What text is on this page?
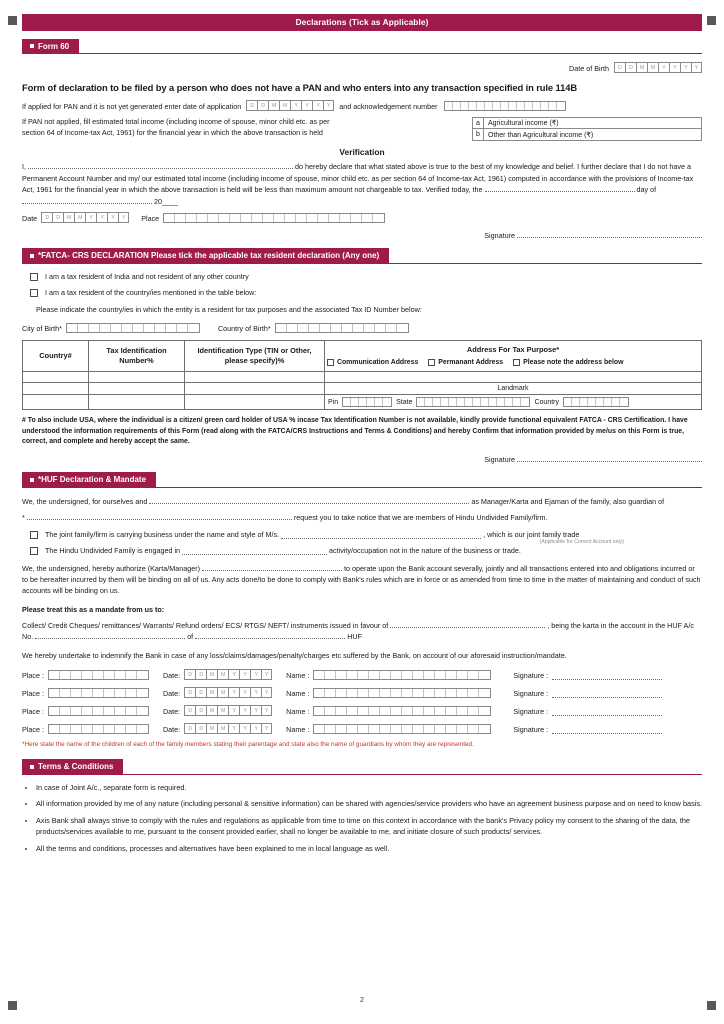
Declarations (Tick as Applicable)
Form 60
Date of Birth	D	D	M	M	Y	Y	Y	Y
Form of declaration to be filed by a person who does not have a PAN and who enters into any transaction specified in rule 114B
If applied for PAN and it is not yet generated enter date of application	D	D	M	M	Y	Y	Y	Y	and acknowledgement number
If PAN not applied, fill estimated total income (including income of spouse, minor child etc. as per
section 64 of Income-tax Act, 1961) for the financial year in which the above transaction is held
a	Agricultural income (₹)
b	Other than Agricultural income (₹)
Verification
I,	do hereby declare that what stated above is true to the best of my knowledge and belief. I further declare that I do not have a Permanent Account Number and my/ our estimated total income (including income of spouse, minor child etc. as per section 64 of Income-tax Act, 1961) computed in accordance with the provisions of Income-tax Act, 1961 for the financial year in which the above transaction is held will be less than maximum amount not chargeable to tax. Verified today, the	day of  20____
Date	D	D	M	M	Y	Y	Y	Y	Place
Signature
*FATCA- CRS DECLARATION Please tick the applicable tax resident declaration (Any one)
I am a tax resident of India and not resident of any other country
I am a tax resident of the country/ies mentioned in the table below:

Please indicate the country/ies in which the entity is a resident for tax purposes and the associated Tax ID Number below:

City of Birth*	Country of Birth*
Country#	Tax Identification Number%	Identification Type (TIN or Other, please specify)%	Address For Tax Purpose*
Communication Address Permanant Address Please note the address below

			Landmark

			Pin State Country
# To also include USA, where the individual is a citizen/ green card holder of USA % incase Tax Identification Number is not available, kindly provide functional equivalent FATCA - CRS Certification. I have understood the information requirements of this Form (read along with the FATCA/CRS Instructions and Terms & Conditions) and hereby Confirm that information provided by me/us on this Form is true, correct, and complete and hereby accept the same.
Signature
*HUF Declaration & Mandate

We, the undersigned, for ourselves and	as Manager/Karta and Ejaman of the family, also guardian of

*	request you to take notice that we are members of Hindu Undivided Family/firm.

The joint family/firm is carrying business under the name and style of M/s.	, which is our joint family trade
(Applicable for Current Account only)
The Hindu Undivided Family is engaged in	activity/occupation not in the nature of the business or trade.

We, the undersigned, hereby authorize (Karta/Manager)	to operate upon the Bank account severally, jointly and all transactions entered into and obligations incurred or to be hereafter incurred by them will be binding on all of us. Any acts done/to be done to comply with Bank's rules which are in force or as amended from time to time in the matter of maintaining and conduct of such accounts will be binding on us.

Please treat this as a mandate from us to:

Collect/ Credit Cheques/ remittances/ Warrants/ Refund orders/ ECS/ RTGS/ NEFT/ instruments issued in favour of	, being the karta in the account in the HUF A/c No.	of	HUF

We hereby undertake to indemnify the Bank in case of any loss/claims/damages/penalty/charges etc suffered by the Bank, on account of our aforesaid instruction/mandate.

Place :	Date:	D	D	M	M	Y	Y	Y	Y	Name :	Signature :
Place :	Date:	D	D	M	M	Y	Y	Y	Y	Name :	Signature :
Place :	Date:	D	D	M	M	Y	Y	Y	Y	Name :	Signature :
Place :	Date:	D	D	M	M	Y	Y	Y	Y	Name :	Signature :
*Here state the name of the children of each of the family members stating their parentage and state also the name of guardians by whom they are represented.
Terms & Conditions
• In case of Joint A/c., separate form is required.
• All information provided by me of any nature (including personal & sensitive information) can be shared with agencies/service providers who have an agreement business purpose and on need to know basis.
• Axis Bank shall always strive to comply with the rules and regulations as applicable from time to time on this context in accordance with the bank's Privacy policy my consent to the sharing of the data, the products/services available to me, pursuant to the consent provided earlier, shall no longer be available to me, and initiate closure of such products/ services.
• All the terms and conditions, processes and alternatives have been explained to me in local language as well.
2
